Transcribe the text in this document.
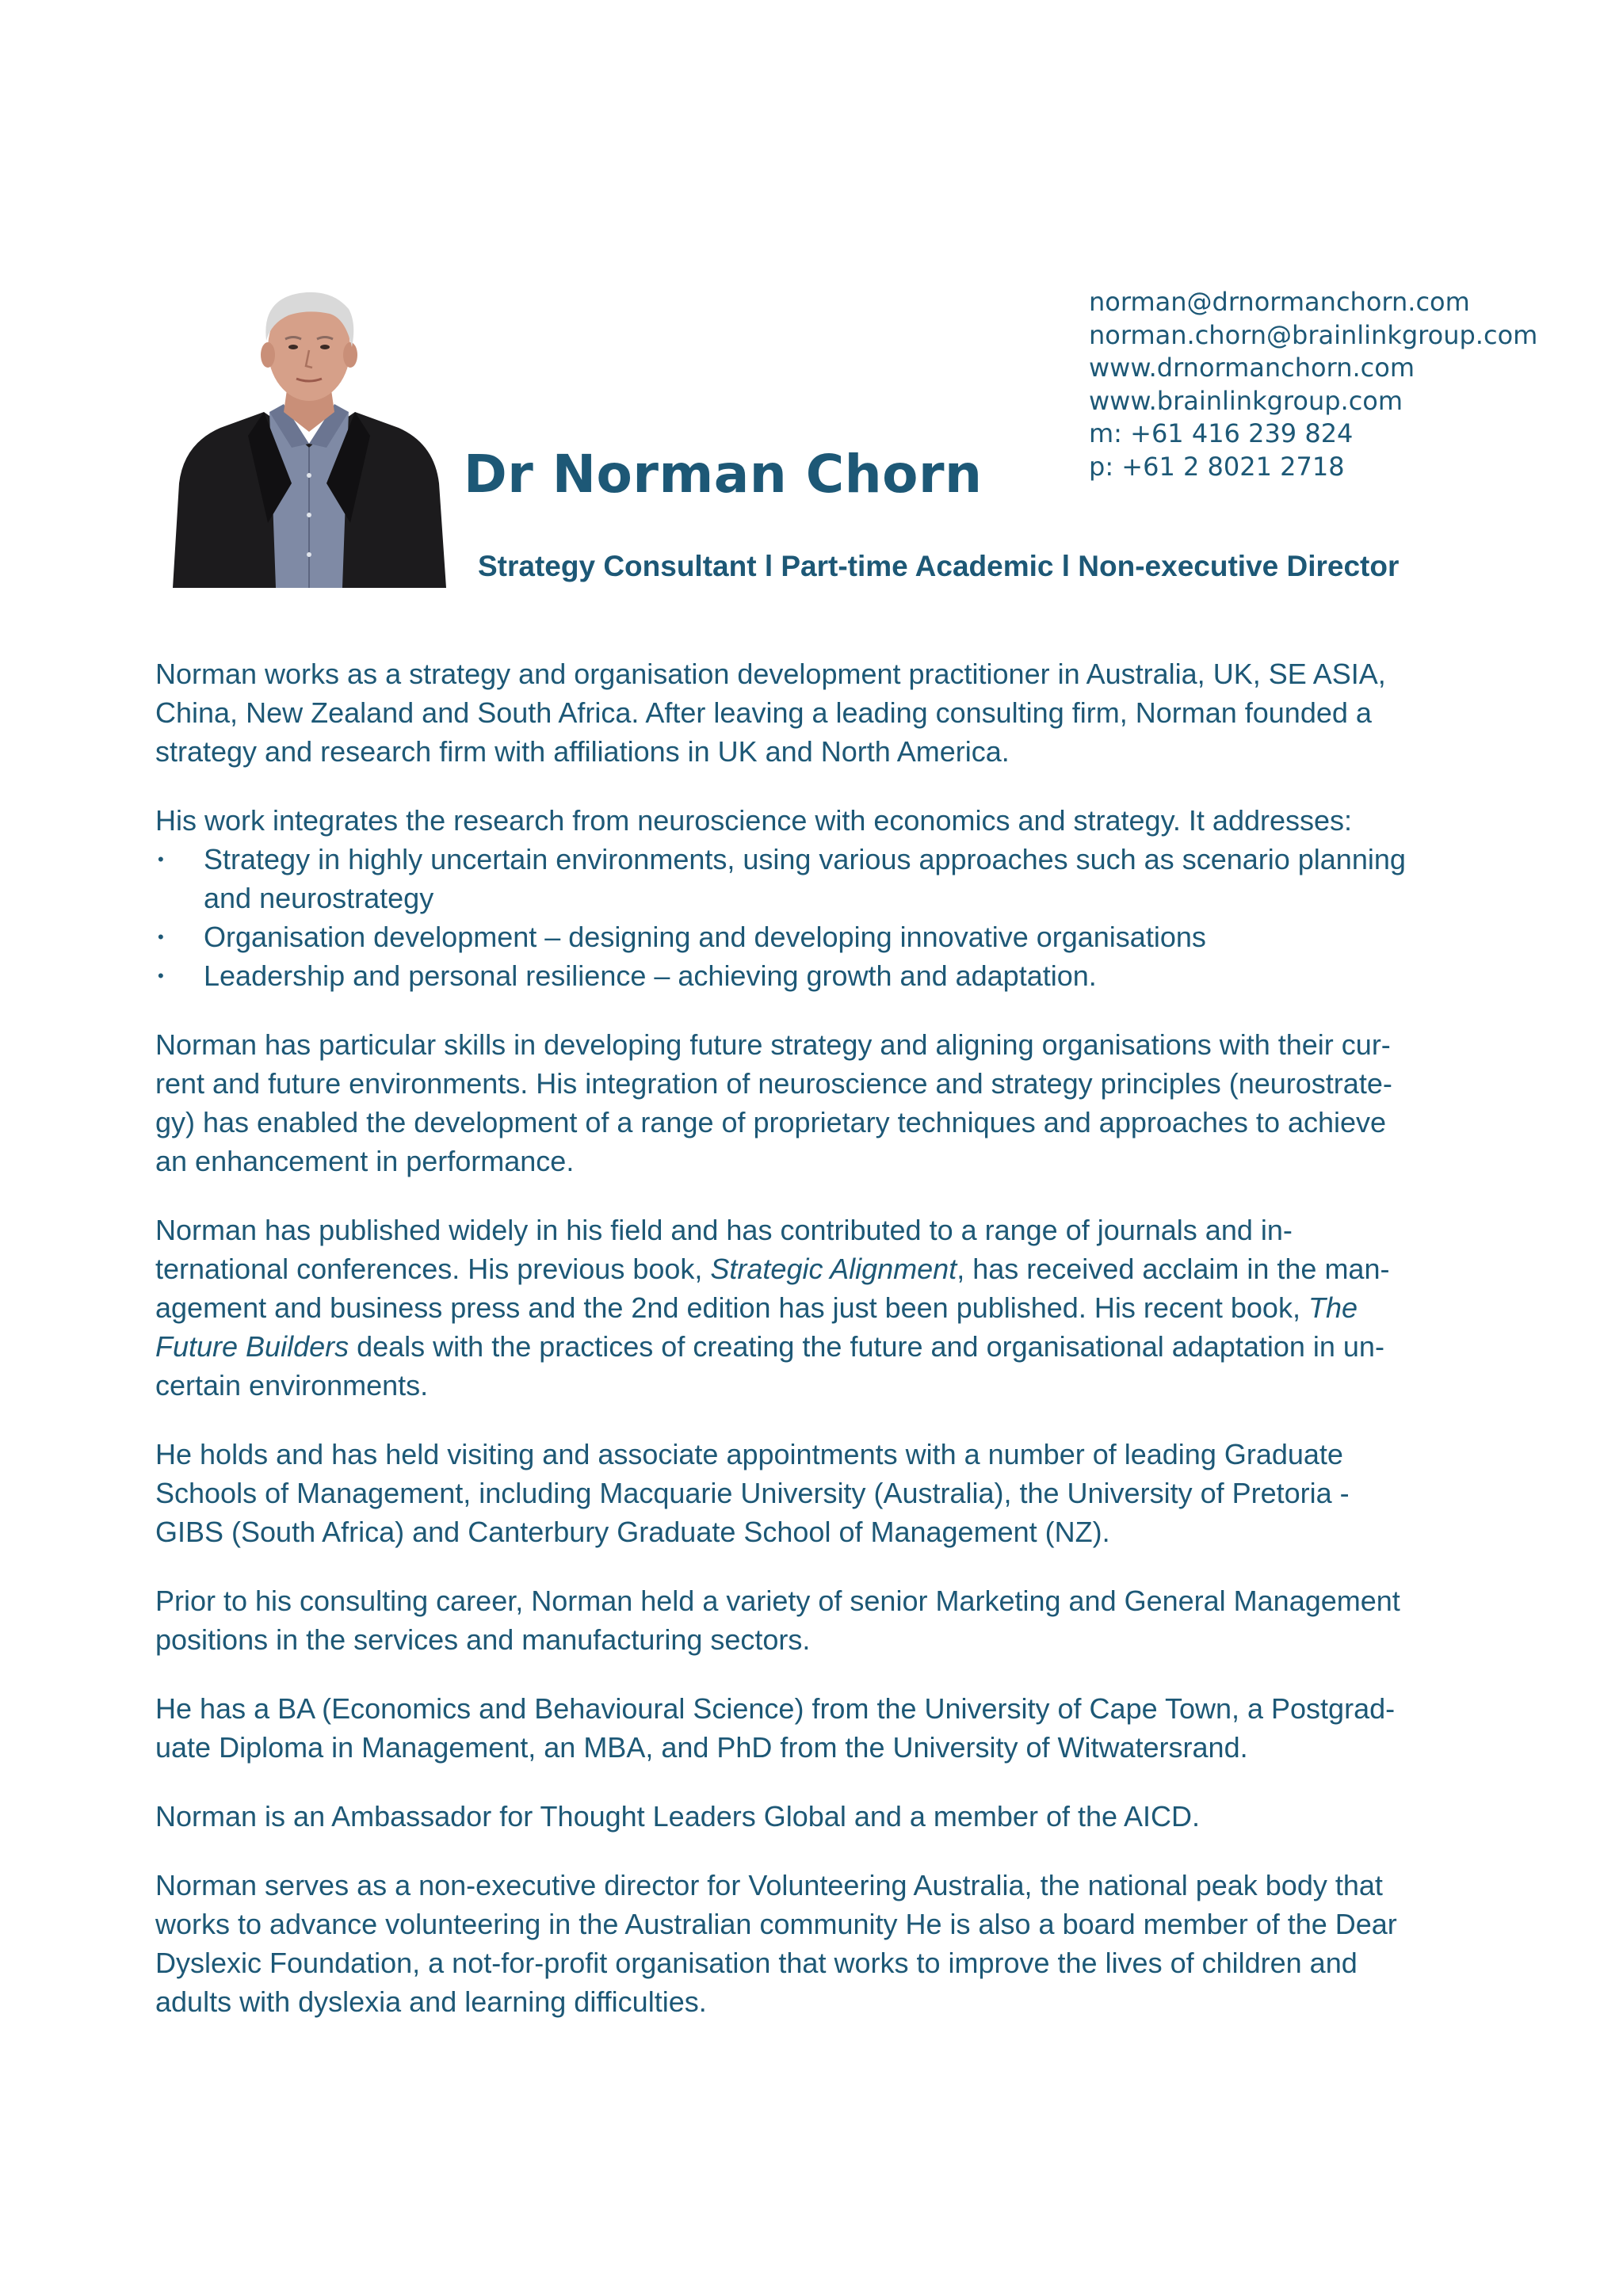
norman@drnormanchorn.com
norman.chorn@brainlinkgroup.com
www.drnormanchorn.com
www.brainlinkgroup.com
m: +61 416 239 824
p: +61 2 8021 2718
Dr Norman Chorn
Strategy Consultant l Part-time Academic l Non-executive Director

Norman works as a strategy and organisation development practitioner in Australia, UK, SE ASIA,
China, New Zealand and South Africa. After leaving a leading consulting firm, Norman founded a
strategy and research firm with affiliations in UK and North America.

His work integrates the research from neuroscience with economics and strategy. It addresses:
• Strategy in highly uncertain environments, using various approaches such as scenario planning
and neurostrategy
• Organisation development – designing and developing innovative organisations
• Leadership and personal resilience – achieving growth and adaptation.

Norman has particular skills in developing future strategy and aligning organisations with their cur-
rent and future environments. His integration of neuroscience and strategy principles (neurostrate-
gy) has enabled the development of a range of proprietary techniques and approaches to achieve
an enhancement in performance.

Norman has published widely in his field and has contributed to a range of journals and in-
ternational conferences. His previous book, Strategic Alignment, has received acclaim in the man-
agement and business press and the 2nd edition has just been published. His recent book, The
Future Builders deals with the practices of creating the future and organisational adaptation in un-
certain environments.

He holds and has held visiting and associate appointments with a number of leading Graduate
Schools of Management, including Macquarie University (Australia), the University of Pretoria -
GIBS (South Africa) and Canterbury Graduate School of Management (NZ).

Prior to his consulting career, Norman held a variety of senior Marketing and General Management
positions in the services and manufacturing sectors.

He has a BA (Economics and Behavioural Science) from the University of Cape Town, a Postgrad-
uate Diploma in Management, an MBA, and PhD from the University of Witwatersrand.

Norman is an Ambassador for Thought Leaders Global and a member of the AICD.

Norman serves as a non-executive director for Volunteering Australia, the national peak body that
works to advance volunteering in the Australian community He is also a board member of the Dear
Dyslexic Foundation, a not-for-profit organisation that works to improve the lives of children and
adults with dyslexia and learning difficulties.
